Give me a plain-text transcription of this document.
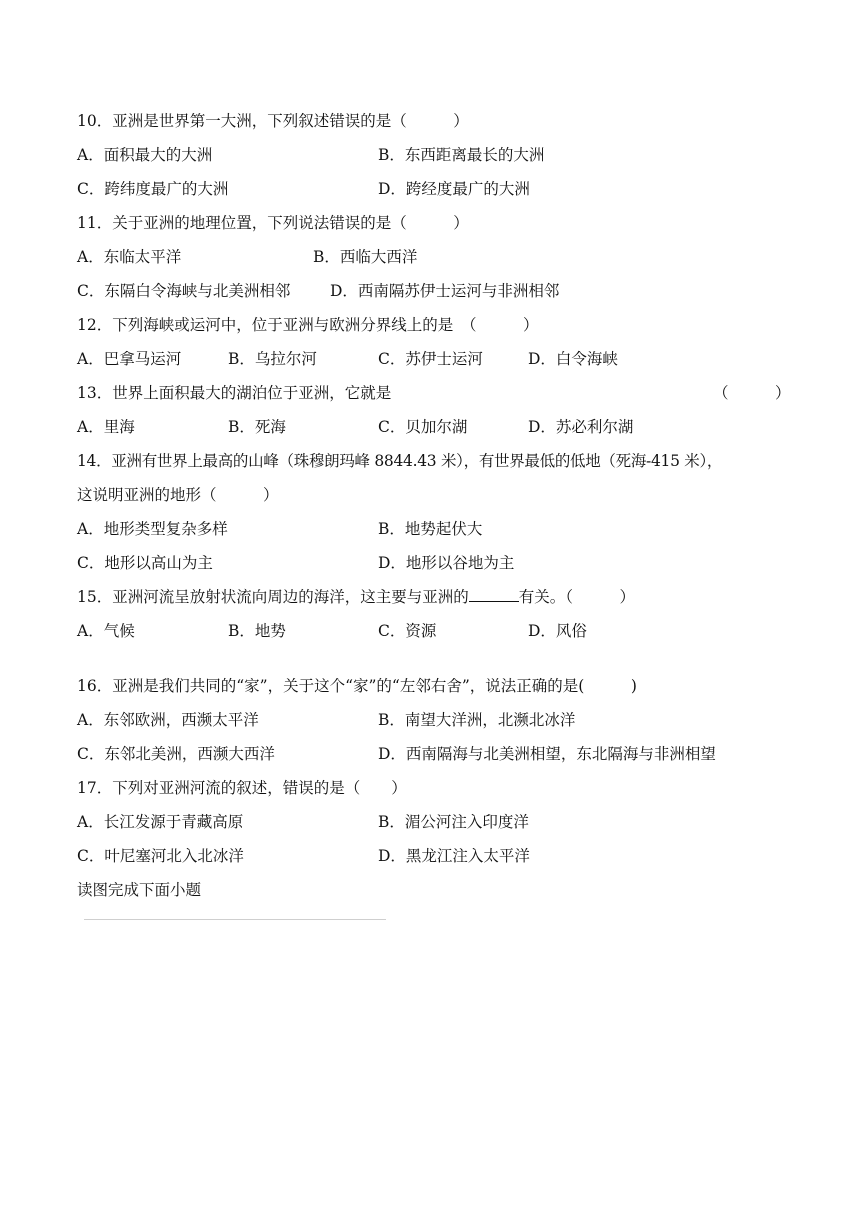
10．亚洲是世界第一大洲，下列叙述错误的是（　　　）
A．面积最大的大洲	B．东西距离最长的大洲
C．跨纬度最广的大洲	D．跨经度最广的大洲
11．关于亚洲的地理位置，下列说法错误的是（　　　）
A．东临太平洋	B．西临大西洋
C．东隔白令海峡与北美洲相邻	D．西南隔苏伊士运河与非洲相邻
12．下列海峡或运河中，位于亚洲与欧洲分界线上的是　（　　　）
A．巴拿马运河	B．乌拉尔河	C．苏伊士运河	D．白令海峡
13．世界上面积最大的湖泊位于亚洲，它就是	（　　　）
A．里海	B．死海	C．贝加尔湖	D．苏必利尔湖
14．亚洲有世界上最高的山峰（珠穆朗玛峰 8844.43 米），有世界最低的低地（死海-415 米），
这说明亚洲的地形（　　　）
A．地形类型复杂多样	B．地势起伏大
C．地形以高山为主	D．地形以谷地为主
15．亚洲河流呈放射状流向周边的海洋，这主要与亚洲的	有关。（　　　）
A．气候	B．地势	C．资源	D．风俗
16．亚洲是我们共同的“家”，关于这个“家”的“左邻右舍”，说法正确的是(　　　)
A．东邻欧洲，西濒太平洋	B．南望大洋洲，北濒北冰洋
C．东邻北美洲，西濒大西洋	D．西南隔海与北美洲相望，东北隔海与非洲相望
17．下列对亚洲河流的叙述，错误的是（　　）
A．长江发源于青藏高原	B．湄公河注入印度洋
C．叶尼塞河北入北冰洋	D．黑龙江注入太平洋
读图完成下面小题
